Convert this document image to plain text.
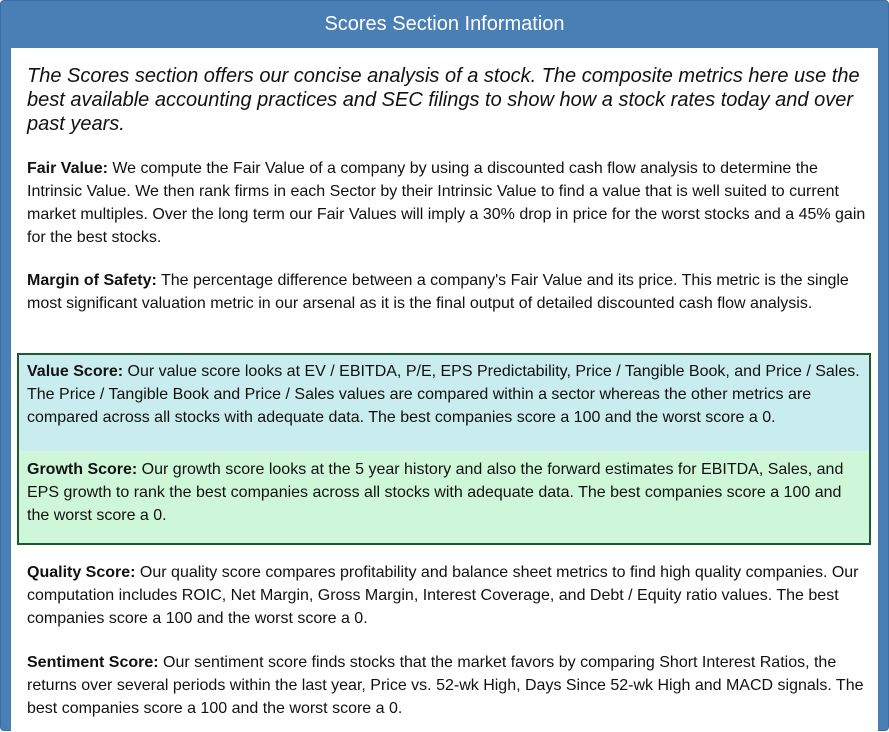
Scores Section Information

The Scores section offers our concise analysis of a stock. The composite metrics here use the best available accounting practices and SEC filings to show how a stock rates today and over past years.

Fair Value: We compute the Fair Value of a company by using a discounted cash flow analysis to determine the Intrinsic Value. We then rank firms in each Sector by their Intrinsic Value to find a value that is well suited to current market multiples. Over the long term our Fair Values will imply a 30% drop in price for the worst stocks and a 45% gain for the best stocks.

Margin of Safety: The percentage difference between a company's Fair Value and its price. This metric is the single most significant valuation metric in our arsenal as it is the final output of detailed discounted cash flow analysis.

Value Score: Our value score looks at EV / EBITDA, P/E, EPS Predictability, Price / Tangible Book, and Price / Sales. The Price / Tangible Book and Price / Sales values are compared within a sector whereas the other metrics are compared across all stocks with adequate data. The best companies score a 100 and the worst score a 0.

Growth Score: Our growth score looks at the 5 year history and also the forward estimates for EBITDA, Sales, and EPS growth to rank the best companies across all stocks with adequate data. The best companies score a 100 and the worst score a 0.

Quality Score: Our quality score compares profitability and balance sheet metrics to find high quality companies. Our computation includes ROIC, Net Margin, Gross Margin, Interest Coverage, and Debt / Equity ratio values. The best companies score a 100 and the worst score a 0.

Sentiment Score: Our sentiment score finds stocks that the market favors by comparing Short Interest Ratios, the returns over several periods within the last year, Price vs. 52-wk High, Days Since 52-wk High and MACD signals. The best companies score a 100 and the worst score a 0.
